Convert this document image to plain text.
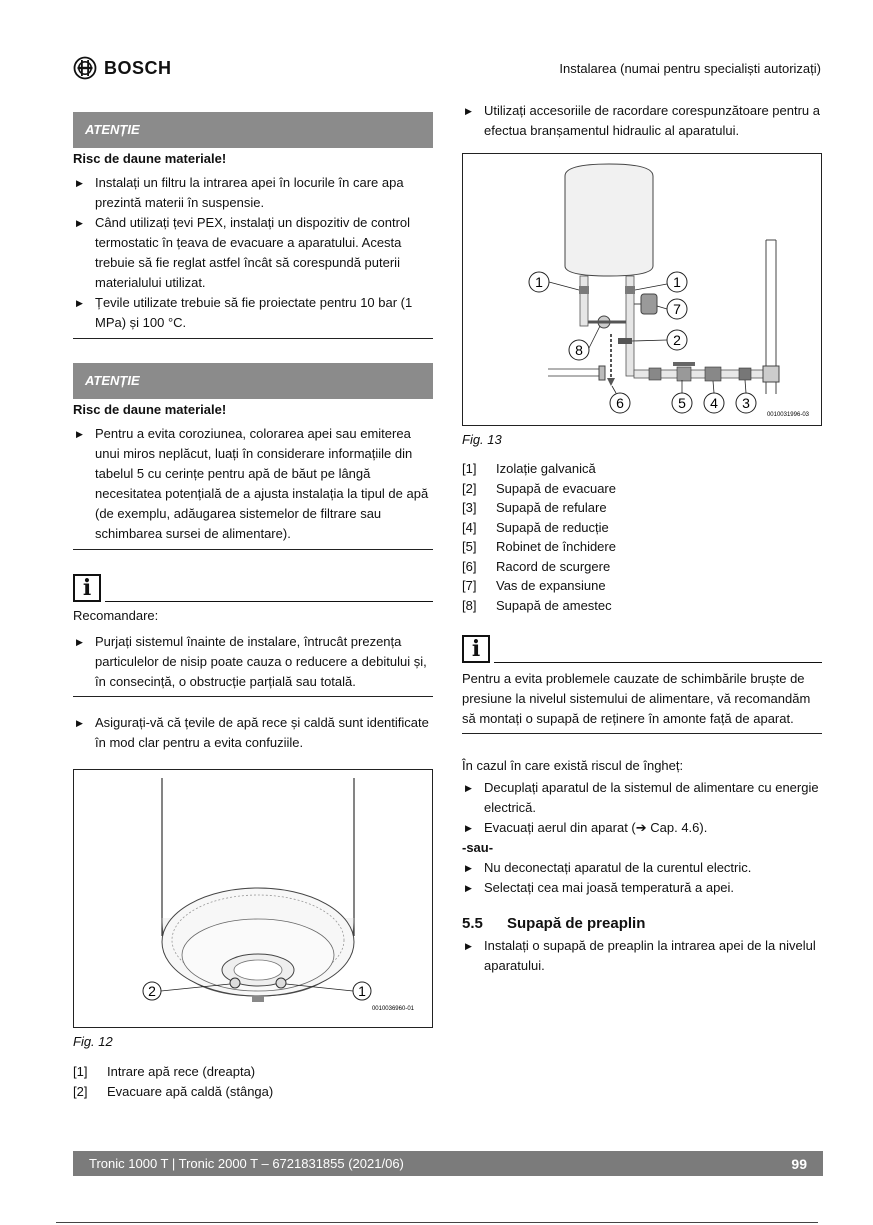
BOSCH	Instalarea (numai pentru specialiști autorizați)
ATENȚIE
Risc de daune materiale!
▶ Instalați un filtru la intrarea apei în locurile în care apa prezintă materii în suspensie.
▶ Când utilizați țevi PEX, instalați un dispozitiv de control termostatic în țeava de evacuare a aparatului. Acesta trebuie să fie reglat astfel încât să corespundă puterii materialului utilizat.
▶ Țevile utilizate trebuie să fie proiectate pentru 10 bar (1 MPa) și 100 °C.
ATENȚIE
Risc de daune materiale!
▶ Pentru a evita coroziunea, colorarea apei sau emiterea unui miros neplăcut, luați în considerare informațiile din tabelul 5 cu cerințe pentru apă de băut pe lângă necesitatea potențială de a ajusta instalația la tipul de apă (de exemplu, adăugarea sistemelor de filtrare sau schimbarea sursei de alimentare).
i
Recomandare:
▶ Purjați sistemul înainte de instalare, întrucât prezența particulelor de nisip poate cauza o reducere a debitului și, în consecință, o obstrucție parțială sau totală.
▶ Asigurați-vă că țevile de apă rece și caldă sunt identificate în mod clar pentru a evita confuziile.
2	1
0010036960-01
Fig. 12
[1]	Intrare apă rece (dreapta)
[2]	Evacuare apă caldă (stânga)
▶ Utilizați accesoriile de racordare corespunzătoare pentru a efectua branșamentul hidraulic al aparatului.
1	1
7
2
8
6	5 4 3
0010031996-03
Fig. 13
[1]	Izolație galvanică
[2]	Supapă de evacuare
[3]	Supapă de refulare
[4]	Supapă de reducție
[5]	Robinet de închidere
[6]	Racord de scurgere
[7]	Vas de expansiune
[8]	Supapă de amestec
i
Pentru a evita problemele cauzate de schimbările bruște de presiune la nivelul sistemului de alimentare, vă recomandăm să montați o supapă de reținere în amonte față de aparat.
În cazul în care există riscul de îngheț:
▶ Decuplați aparatul de la sistemul de alimentare cu energie electrică.
▶ Evacuați aerul din aparat (➔ Cap. 4.6).
-sau-
▶ Nu deconectați aparatul de la curentul electric.
▶ Selectați cea mai joasă temperatură a apei.
5.5	Supapă de preaplin
▶ Instalați o supapă de preaplin la intrarea apei de la nivelul aparatului.
Tronic 1000 T | Tronic 2000 T – 6721831855 (2021/06)	99
